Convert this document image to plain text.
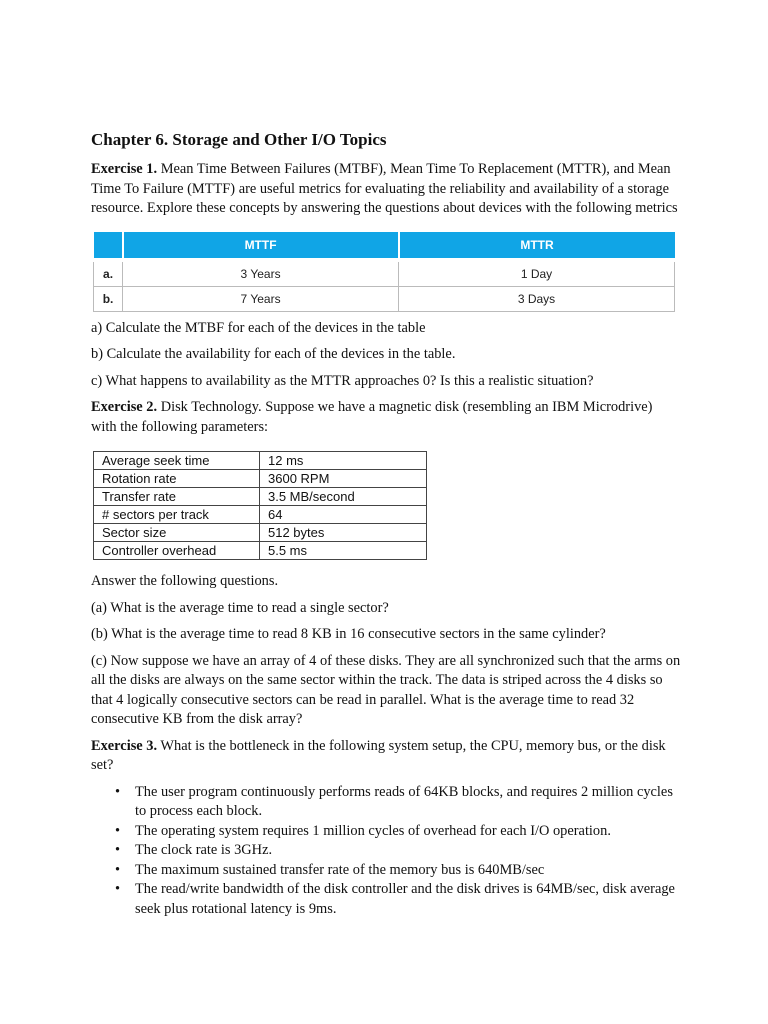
Chapter 6. Storage and Other I/O Topics

Exercise 1. Mean Time Between Failures (MTBF), Mean Time To Replacement (MTTR), and Mean Time To Failure (MTTF) are useful metrics for evaluating the reliability and availability of a storage resource. Explore these concepts by answering the questions about devices with the following metrics

	MTTF	MTTR
a.	3 Years	1 Day
b.	7 Years	3 Days

a) Calculate the MTBF for each of the devices in the table

b) Calculate the availability for each of the devices in the table.

c) What happens to availability as the MTTR approaches 0? Is this a realistic situation?

Exercise 2. Disk Technology. Suppose we have a magnetic disk (resembling an IBM Microdrive) with the following parameters:

Average seek time	12 ms
Rotation rate	3600 RPM
Transfer rate	3.5 MB/second
# sectors per track	64
Sector size	512 bytes
Controller overhead	5.5 ms

Answer the following questions.

(a) What is the average time to read a single sector?

(b) What is the average time to read 8 KB in 16 consecutive sectors in the same cylinder?

(c) Now suppose we have an array of 4 of these disks. They are all synchronized such that the arms on all the disks are always on the same sector within the track. The data is striped across the 4 disks so that 4 logically consecutive sectors can be read in parallel. What is the average time to read 32 consecutive KB from the disk array?

Exercise 3. What is the bottleneck in the following system setup, the CPU, memory bus, or the disk set?

• The user program continuously performs reads of 64KB blocks, and requires 2 million cycles to process each block.
• The operating system requires 1 million cycles of overhead for each I/O operation.
• The clock rate is 3GHz.
• The maximum sustained transfer rate of the memory bus is 640MB/sec
• The read/write bandwidth of the disk controller and the disk drives is 64MB/sec, disk average seek plus rotational latency is 9ms.
